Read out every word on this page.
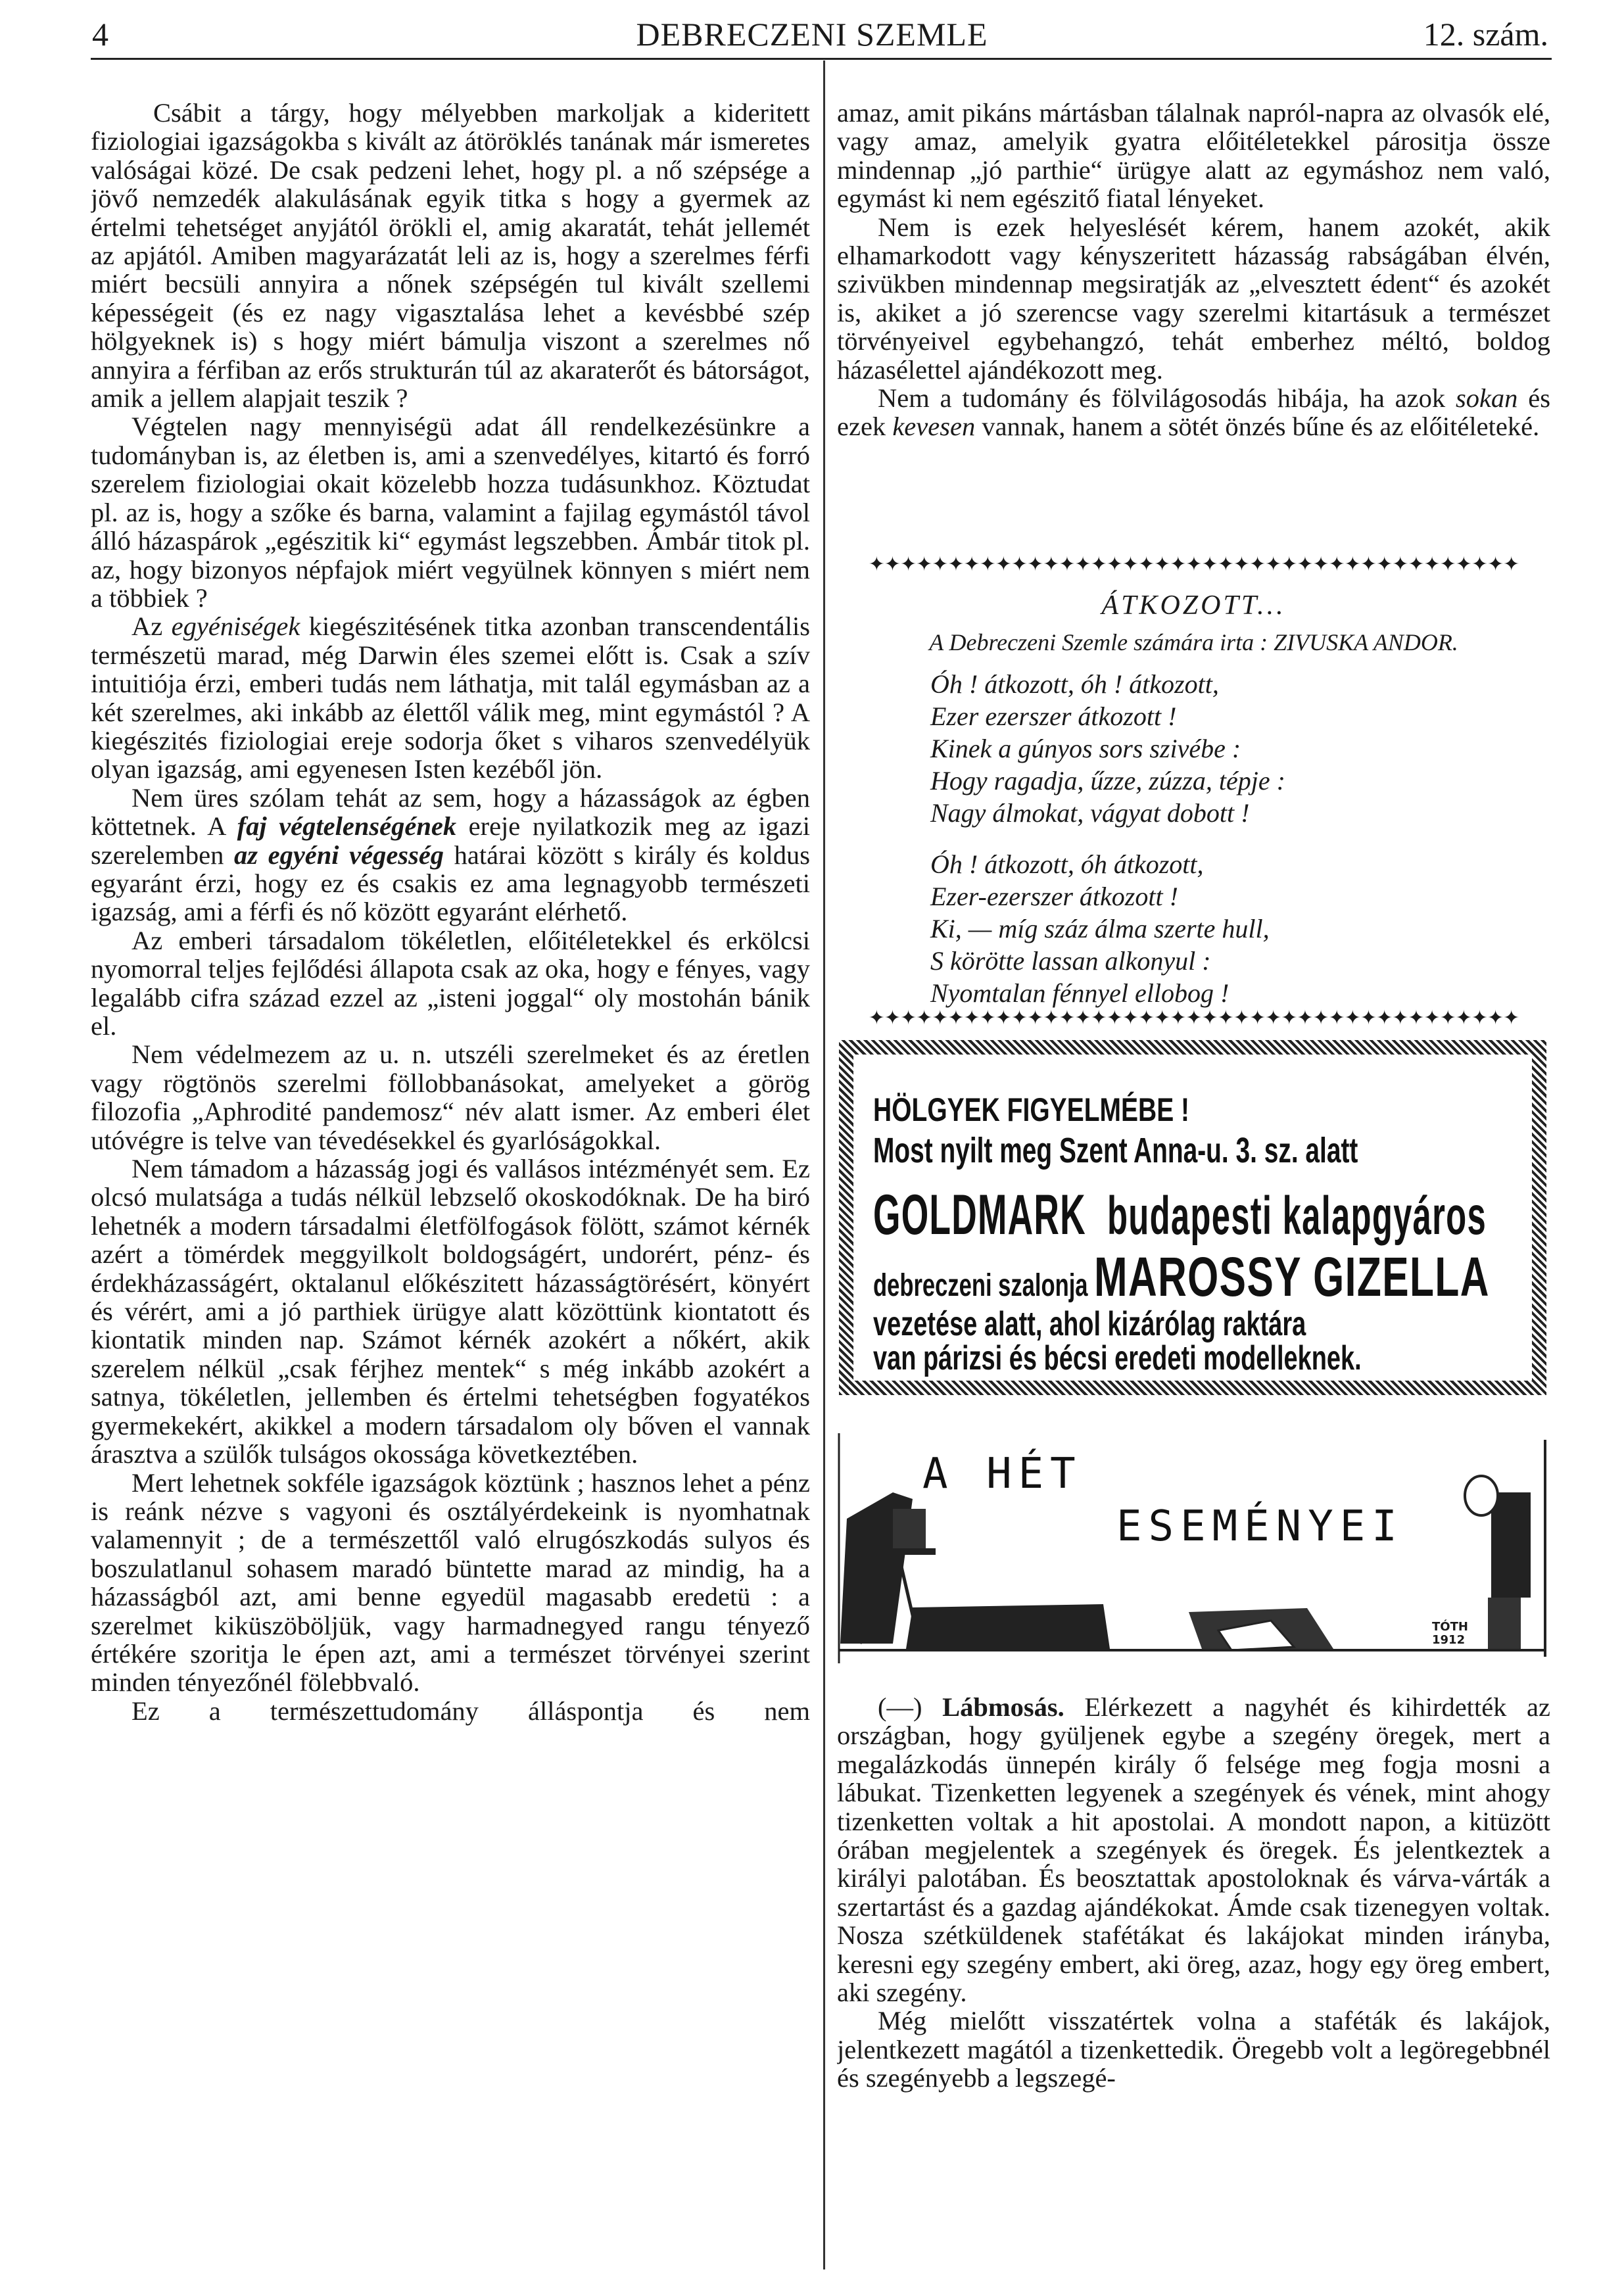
4	DEBRECZENI SZEMLE	12. szám.

Csábit a tárgy, hogy mélyebben markoljak a kideritett fiziologiai igazságokba s kivált az átöröklés tanának már ismeretes valóságai közé. De csak pedzeni lehet, hogy pl. a nő szépsége a jövő nemzedék alakulásának egyik titka s hogy a gyermek az értelmi tehetséget anyjától örökli el, amig akaratát, tehát jellemét az apjától. Amiben magyarázatát leli az is, hogy a szerelmes férfi miért becsüli annyira a nőnek szépségén tul kivált szellemi képességeit (és ez nagy vigasztalása lehet a kevésbbé szép hölgyeknek is) s hogy miért bámulja viszont a szerelmes nő annyira a férfiban az erős strukturán túl az akaraterőt és bátorságot, amik a jellem alapjait teszik ?

Végtelen nagy mennyiségü adat áll rendelkezésünkre a tudományban is, az életben is, ami a szenvedélyes, kitartó és forró szerelem fiziologiai okait közelebb hozza tudásunkhoz. Köztudat pl. az is, hogy a szőke és barna, valamint a fajilag egymástól távol álló házaspárok „egészitik ki“ egymást legszebben. Ámbár titok pl. az, hogy bizonyos népfajok miért vegyülnek könnyen s miért nem a többiek ?

Az egyéniségek kiegészitésének titka azonban transcendentális természetü marad, még Darwin éles szemei előtt is. Csak a szív intuitiója érzi, emberi tudás nem láthatja, mit talál egymásban az a két szerelmes, aki inkább az élettől válik meg, mint egymástól ? A kiegészités fiziologiai ereje sodorja őket s viharos szenvedélyük olyan igazság, ami egyenesen Isten kezéből jön.

Nem üres szólam tehát az sem, hogy a házasságok az égben köttetnek. A faj végtelenségének ereje nyilatkozik meg az igazi szerelemben az egyéni végesség határai között s király és koldus egyaránt érzi, hogy ez és csakis ez ama legnagyobb természeti igazság, ami a férfi és nő között egyaránt elérhető.

Az emberi társadalom tökéletlen, előitéletekkel és erkölcsi nyomorral teljes fejlődési állapota csak az oka, hogy e fényes, vagy legalább cifra század ezzel az „isteni joggal“ oly mostohán bánik el.

Nem védelmezem az u. n. utszéli szerelmeket és az éretlen vagy rögtönös szerelmi föllobbanásokat, amelyeket a görög filozofia „Aphrodité pandemosz“ név alatt ismer. Az emberi élet utóvégre is telve van tévedésekkel és gyarlóságokkal.

Nem támadom a házasság jogi és vallásos intézményét sem. Ez olcsó mulatsága a tudás nélkül lebzselő okoskodóknak. De ha biró lehetnék a modern társadalmi életfölfogások fölött, számot kérnék azért a tömérdek meggyilkolt boldogságért, undorért, pénz- és érdekházasságért, oktalanul előkészitett házasságtörésért, könyért és vérért, ami a jó parthiek ürügye alatt közöttünk kiontatott és kiontatik minden nap. Számot kérnék azokért a nőkért, akik szerelem nélkül „csak férjhez mentek“ s még inkább azokért a satnya, tökéletlen, jellemben és értelmi tehetségben fogyatékos gyermekekért, akikkel a modern társadalom oly bőven el vannak árasztva a szülők tulságos okossága következtében.

Mert lehetnek sokféle igazságok köztünk ; hasznos lehet a pénz is reánk nézve s vagyoni és osztályérdekeink is nyomhatnak valamennyit ; de a természettől való elrugószkodás sulyos és boszulatlanul sohasem maradó büntette marad az mindig, ha a házasságból azt, ami benne egyedül magasabb eredetü : a szerelmet kiküszöböljük, vagy harmadnegyed rangu tényező értékére szoritja le épen azt, ami a természet törvényei szerint minden tényezőnél fölebbvaló.

Ez a természettudomány álláspontja és nem

amaz, amit pikáns mártásban tálalnak napról-napra az olvasók elé, vagy amaz, amelyik gyatra előitéletekkel párositja össze mindennap „jó parthie“ ürügye alatt az egymáshoz nem való, egymást ki nem egészitő fiatal lényeket.

Nem is ezek helyeslését kérem, hanem azokét, akik elhamarkodott vagy kényszeritett házasság rabságában élvén, szivükben mindennap megsiratják az „elvesztett édent“ és azokét is, akiket a jó szerencse vagy szerelmi kitartásuk a természet törvényeivel egybehangzó, tehát emberhez méltó, boldog házasélettel ajándékozott meg.

Nem a tudomány és fölvilágosodás hibája, ha azok sokan és ezek kevesen vannak, hanem a sötét önzés bűne és az előitéleteké.

✦✦✦✦✦✦✦✦✦✦✦✦✦✦✦✦✦✦✦✦✦✦✦✦✦✦✦✦✦✦✦✦✦✦✦✦✦✦✦✦✦
ÁTKOZOTT...
A Debreczeni Szemle számára irta : ZIVUSKA ANDOR.
Óh ! átkozott, óh ! átkozott,
Ezer ezerszer átkozott !
Kinek a gúnyos sors szivébe :
Hogy ragadja, űzze, zúzza, tépje :
Nagy álmokat, vágyat dobott !
Óh ! átkozott, óh átkozott,
Ezer-ezerszer átkozott !
Ki, — míg száz álma szerte hull,
S körötte lassan alkonyul :
Nyomtalan fénnyel ellobog !
✦✦✦✦✦✦✦✦✦✦✦✦✦✦✦✦✦✦✦✦✦✦✦✦✦✦✦✦✦✦✦✦✦✦✦✦✦✦✦✦✦
HÖLGYEK FIGYELMÉBE !
Most nyilt meg Szent Anna-u. 3. sz. alatt
GOLDMARK budapesti kalapgyáros
debreczeni szalonja MAROSSY GIZELLA
vezetése alatt, ahol kizárólag raktára
van párizsi és bécsi eredeti modelleknek.
A HÉT
ESEMÉNYEI
TÓTH
1912

(—) Lábmosás. Elérkezett a nagyhét és kihirdették az országban, hogy gyüljenek egybe a szegény öregek, mert a megalázkodás ünnepén király ő felsége meg fogja mosni a lábukat. Tizenketten legyenek a szegények és vének, mint ahogy tizenketten voltak a hit apostolai. A mondott napon, a kitüzött órában megjelentek a szegények és öregek. És jelentkeztek a királyi palotában. És beosztattak apostoloknak és várva-várták a szertartást és a gazdag ajándékokat. Ámde csak tizenegyen voltak. Nosza szétküldenek stafétákat és lakájokat minden irányba, keresni egy szegény embert, aki öreg, azaz, hogy egy öreg embert, aki szegény.

Még mielőtt visszatértek volna a staféták és lakájok, jelentkezett magától a tizenkettedik. Öregebb volt a legöregebbnél és szegényebb a legszegé-
